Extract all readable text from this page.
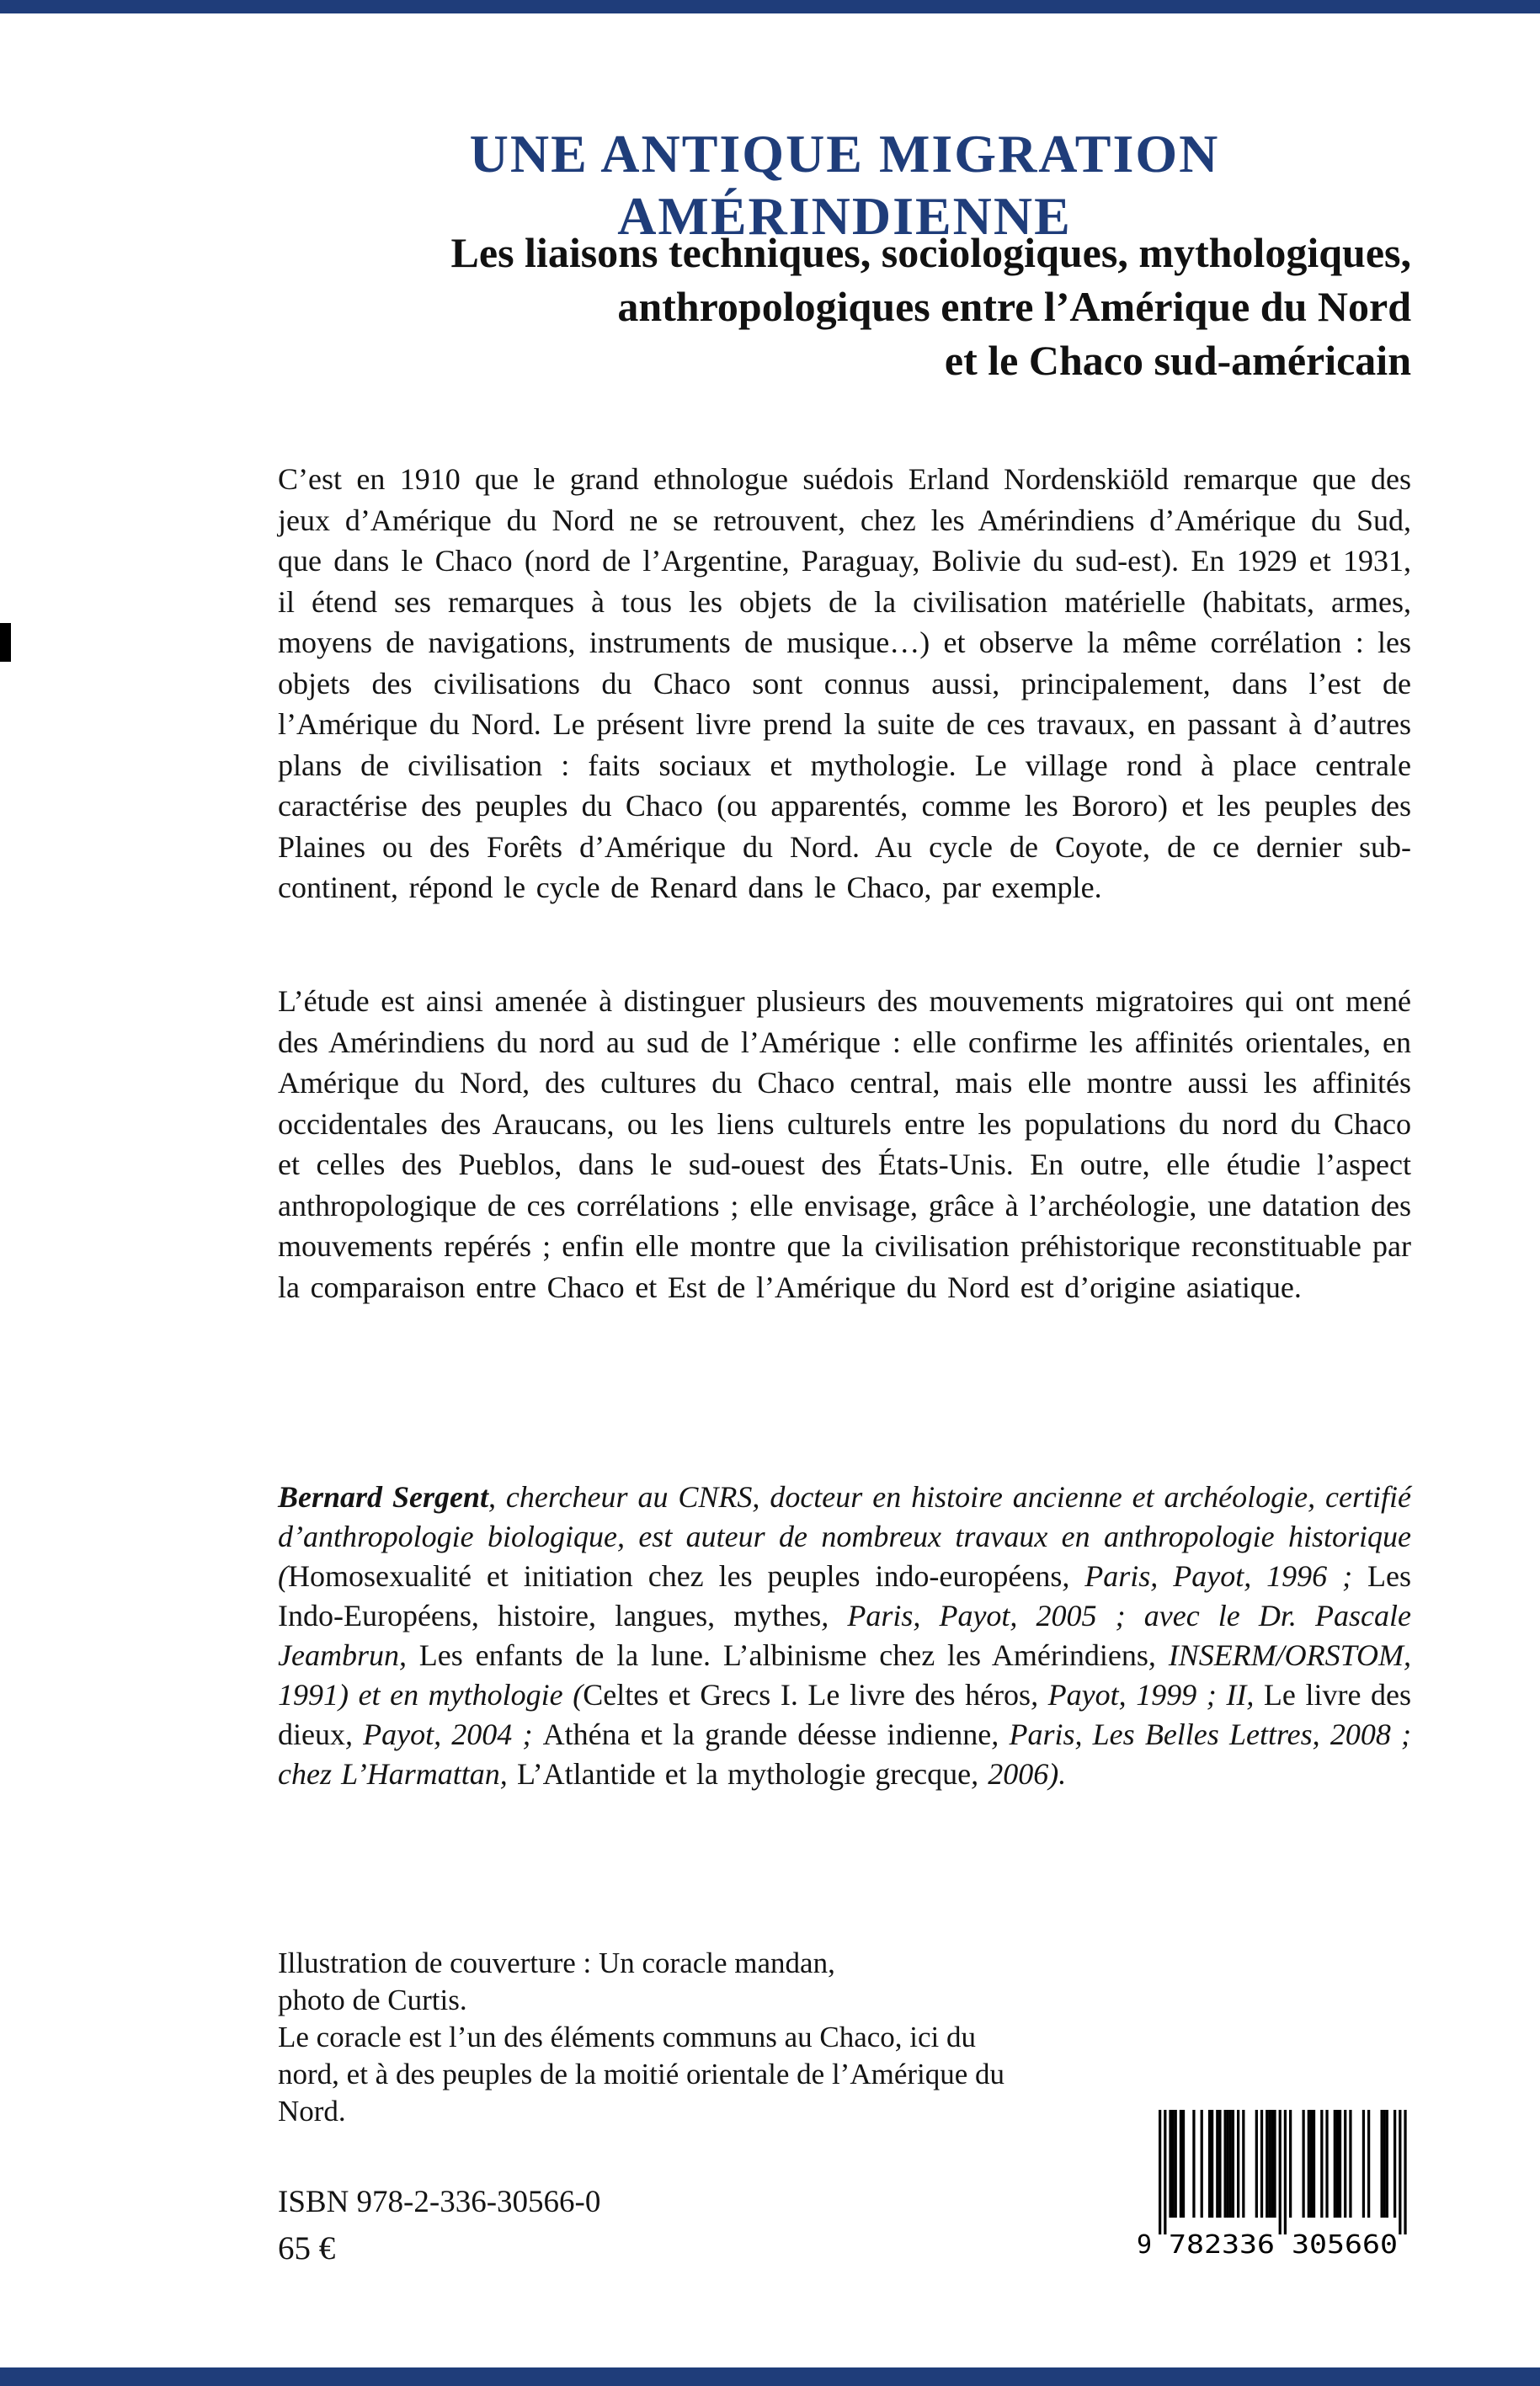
UNE ANTIQUE MIGRATION AMÉRINDIENNE
Les liaisons techniques, sociologiques, mythologiques,
anthropologiques entre l’Amérique du Nord
et le Chaco sud-américain

C’est en 1910 que le grand ethnologue suédois Erland Nordenskiöld remarque que des jeux d’Amérique du Nord ne se retrouvent, chez les Amérindiens d’Amérique du Sud, que dans le Chaco (nord de l’Argentine, Paraguay, Bolivie du sud-est). En 1929 et 1931, il étend ses remarques à tous les objets de la civilisation matérielle (habitats, armes, moyens de navigations, instruments de musique…) et observe la même corrélation : les objets des civilisations du Chaco sont connus aussi, principalement, dans l’est de l’Amérique du Nord. Le présent livre prend la suite de ces travaux, en passant à d’autres plans de civilisation : faits sociaux et mythologie. Le village rond à place centrale caractérise des peuples du Chaco (ou apparentés, comme les Bororo) et les peuples des Plaines ou des Forêts d’Amérique du Nord. Au cycle de Coyote, de ce dernier sub-continent, répond le cycle de Renard dans le Chaco, par exemple.

L’étude est ainsi amenée à distinguer plusieurs des mouvements migratoires qui ont mené des Amérindiens du nord au sud de l’Amérique : elle confirme les affinités orientales, en Amérique du Nord, des cultures du Chaco central, mais elle montre aussi les affinités occidentales des Araucans, ou les liens culturels entre les populations du nord du Chaco et celles des Pueblos, dans le sud-ouest des États-Unis. En outre, elle étudie l’aspect anthropologique de ces corrélations ; elle envisage, grâce à l’archéologie, une datation des mouvements repérés ; enfin elle montre que la civilisation préhistorique reconstituable par la comparaison entre Chaco et Est de l’Amérique du Nord est d’origine asiatique.

Bernard Sergent, chercheur au CNRS, docteur en histoire ancienne et archéologie, certifié d’anthropologie biologique, est auteur de nombreux travaux en anthropologie historique (Homosexualité et initiation chez les peuples indo-européens, Paris, Payot, 1996 ; Les Indo-Européens, histoire, langues, mythes, Paris, Payot, 2005 ; avec le Dr. Pascale Jeambrun, Les enfants de la lune. L’albinisme chez les Amérindiens, INSERM/ORSTOM, 1991) et en mythologie (Celtes et Grecs I. Le livre des héros, Payot, 1999 ; II, Le livre des dieux, Payot, 2004 ; Athéna et la grande déesse indienne, Paris, Les Belles Lettres, 2008 ; chez L’Harmattan, L’Atlantide et la mythologie grecque, 2006).

Illustration de couverture : Un coracle mandan,
photo de Curtis.
Le coracle est l’un des éléments communs au Chaco, ici du
nord, et à des peuples de la moitié orientale de l’Amérique du
Nord.
ISBN 978-2-336-30566-0
65 €	9 782336 305660
